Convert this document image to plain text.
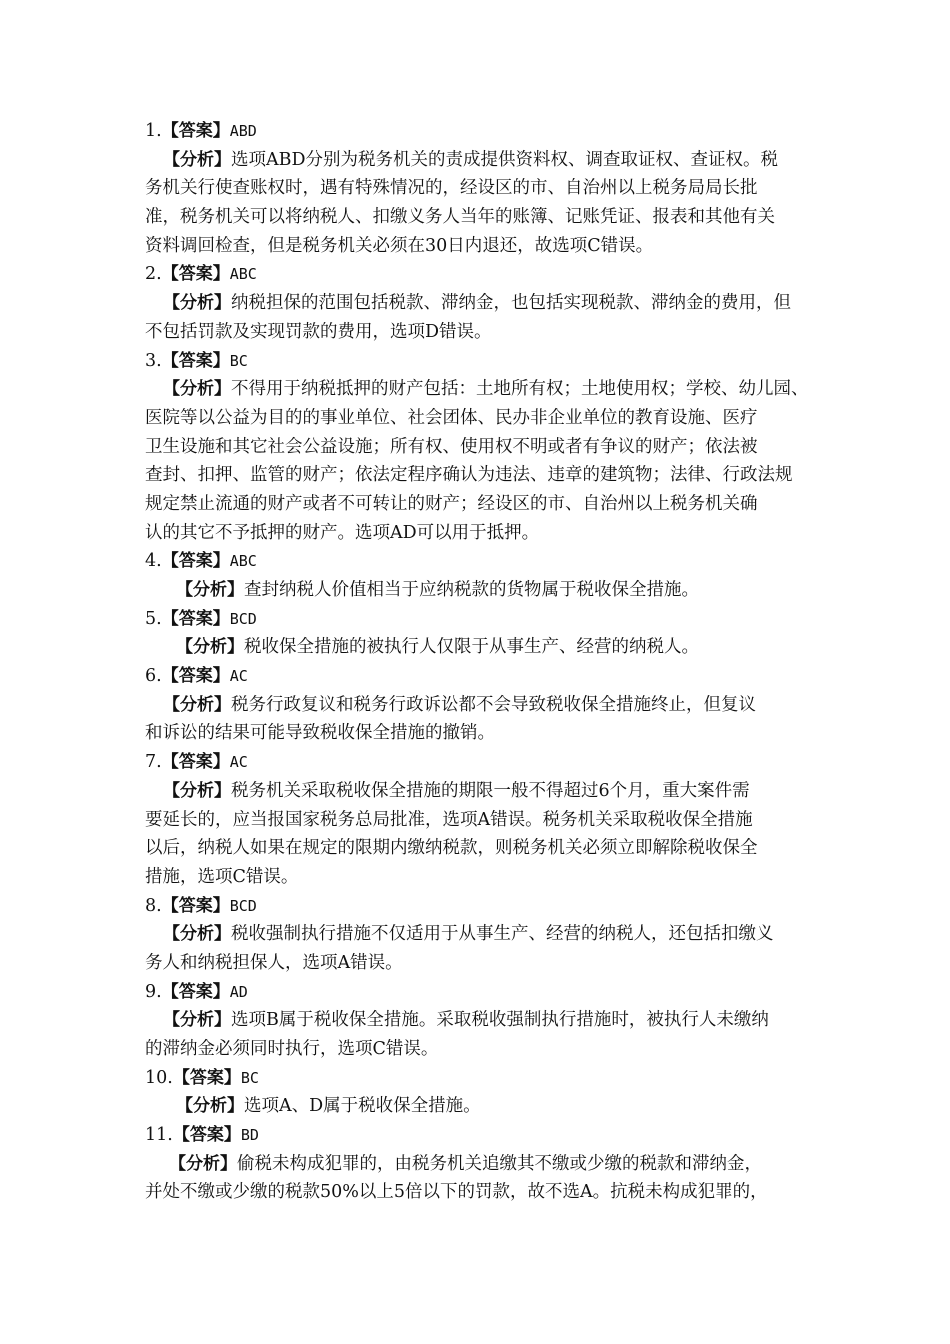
1.【答案】ABD
【分析】选项ABD分别为税务机关的责成提供资料权、调查取证权、查证权。税
务机关行使查账权时，遇有特殊情况的，经设区的市、自治州以上税务局局长批
准，税务机关可以将纳税人、扣缴义务人当年的账簿、记账凭证、报表和其他有关
资料调回检查，但是税务机关必须在30日内退还，故选项C错误。
2.【答案】ABC
【分析】纳税担保的范围包括税款、滞纳金，也包括实现税款、滞纳金的费用，但
不包括罚款及实现罚款的费用，选项D错误。
3.【答案】BC
【分析】不得用于纳税抵押的财产包括：土地所有权；土地使用权；学校、幼儿园、
医院等以公益为目的的事业单位、社会团体、民办非企业单位的教育设施、医疗
卫生设施和其它社会公益设施；所有权、使用权不明或者有争议的财产；依法被
查封、扣押、监管的财产；依法定程序确认为违法、违章的建筑物；法律、行政法规
规定禁止流通的财产或者不可转让的财产；经设区的市、自治州以上税务机关确
认的其它不予抵押的财产。选项AD可以用于抵押。
4.【答案】ABC
【分析】查封纳税人价值相当于应纳税款的货物属于税收保全措施。
5.【答案】BCD
【分析】税收保全措施的被执行人仅限于从事生产、经营的纳税人。
6.【答案】AC
【分析】税务行政复议和税务行政诉讼都不会导致税收保全措施终止，但复议
和诉讼的结果可能导致税收保全措施的撤销。
7.【答案】AC
【分析】税务机关采取税收保全措施的期限一般不得超过6个月，重大案件需
要延长的，应当报国家税务总局批准，选项A错误。税务机关采取税收保全措施
以后，纳税人如果在规定的限期内缴纳税款，则税务机关必须立即解除税收保全
措施，选项C错误。
8.【答案】BCD
【分析】税收强制执行措施不仅适用于从事生产、经营的纳税人，还包括扣缴义
务人和纳税担保人，选项A错误。
9.【答案】AD
【分析】选项B属于税收保全措施。采取税收强制执行措施时，被执行人未缴纳
的滞纳金必须同时执行，选项C错误。
10.【答案】BC
【分析】选项A、D属于税收保全措施。
11.【答案】BD
【分析】偷税未构成犯罪的，由税务机关追缴其不缴或少缴的税款和滞纳金，
并处不缴或少缴的税款50%以上5倍以下的罚款，故不选A。抗税未构成犯罪的，
